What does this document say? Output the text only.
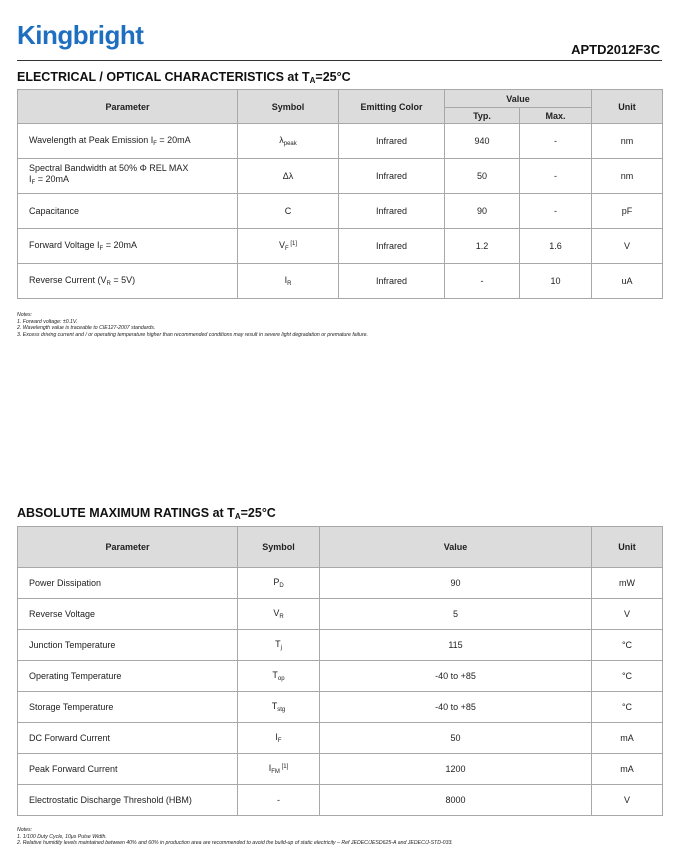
Kingbright	APTD2012F3C
ELECTRICAL / OPTICAL CHARACTERISTICS at $T_A=25^\circ C$
Parameter	Symbol	Emitting Color	Value		Unit
			Typ.	Max.	
Wavelength at Peak Emission $I_F = 20mA$	$\lambda_{peak}$	Infrared	940	-	nm

Spectral Bandwidth at 50% Φ REL MAX
$I_F = 20mA$	Δλ	Infrared	50	-	nm
Capacitance	C	Infrared	90	-	pF
Forward Voltage $I_F = 20mA$	$V_F$ [1]	Infrared	1.2	1.6	V
Reverse Current $(V_R = 5V)$	$I_R$	Infrared	-	10	uA
Notes:
1. Forward voltage: ±0.1V.
2. Wavelength value is traceable to CIE127-2007 standards.
3. Excess driving current and / or operating temperature higher than recommended conditions may result in severe light degradation or premature failure.
ABSOLUTE MAXIMUM RATINGS at $T_A=25^\circ C$
Parameter	Symbol	Value	Unit
Power Dissipation	$P_D$	90	mW
Reverse Voltage	$V_R$	5	V
Junction Temperature	$T_j$	115	°C
Operating Temperature	$T_{op}$	-40 to +85	°C
Storage Temperature	$T_{stg}$	-40 to +85	°C
DC Forward Current	$I_F$	50	mA
Peak Forward Current	$I_{FM}$ [1]	1200	mA
Electrostatic Discharge Threshold (HBM)	-	8000	V
Notes:
1. 1/100 Duty Cycle, 10μs Pulse Width.
2. Relative humidity levels maintained between 40% and 60% in production area are recommended to avoid the build-up of static electricity – Ref JEDEC/JESD625-A and JEDEC/J-STD-033.
